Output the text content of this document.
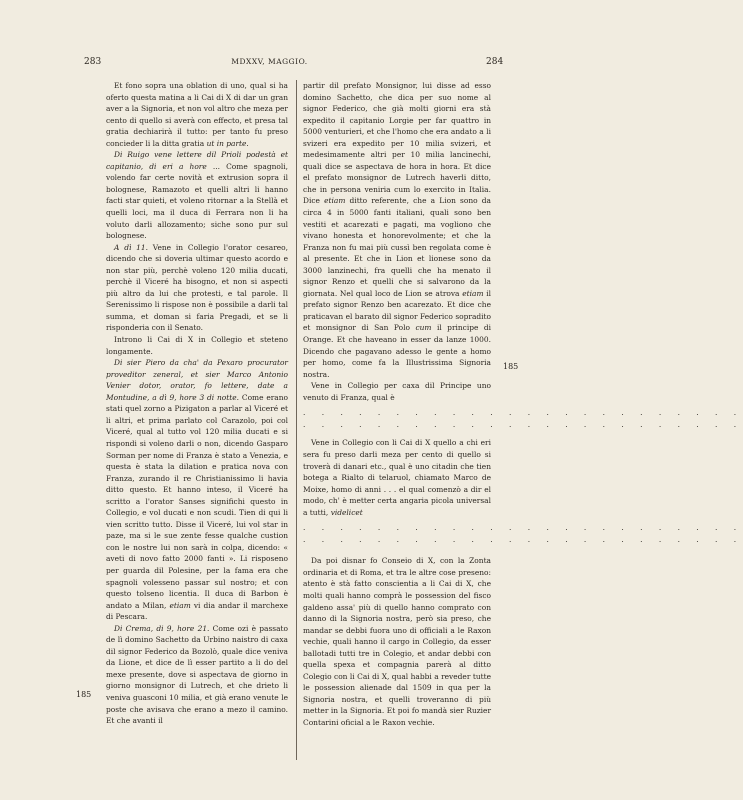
283	MDXXV, MAGGIO.	284
185
185

Et fono sopra una oblation di uno, qual si ha oferto questa matina a li Cai di X di dar un gran aver a la Signoria, et non vol altro che meza per cento di quello si averà con effecto, et presa tal gratia dechiarirà il tutto: per tanto fu preso concieder li la ditta gratia ut in parte.

Di Ruigo vene lettere dil Prioli podestà et capitanio, di eri a hore ... Come spagnoli, volendo far certe novità et extrusion sopra il bolognese, Ramazoto et quelli altri li hanno facti star quieti, et voleno ritornar a la Stellà et quelli loci, ma il duca di Ferrara non li ha voluto darli allozamento; siche sono pur sul bolognese.

A dì 11. Vene in Collegio l'orator cesareo, dicendo che si doveria ultimar questo acordo e non star più, perchè voleno 120 milia ducati, perchè il Viceré ha bisogno, et non si aspecti più altro da lui che protesti, e tal parole. Il Serenissimo li rispose non è possibile a darli tal summa, et doman si faria Pregadi, et se li risponderia con il Senato.

Introno li Cai di X in Collegio et steteno longamente.

Di sier Piero da cha' da Pexaro procurator proveditor zeneral, et sier Marco Antonio Venier dotor, orator, fo lettere, date a Montudine, a dì 9, hore 3 di notte. Come erano stati quel zorno a Pizigaton a parlar al Viceré et li altri, et prima parlato col Carazolo, poi col Viceré, qual al tutto vol 120 milia ducati e si rispondi si voleno darli o non, dicendo Gasparo Sorman per nome di Franza è stato a Venezia, e questa è stata la dilation e pratica nova con Franza, zurando il re Christianissimo li havia ditto questo. Et hanno inteso, il Viceré ha scritto a l'orator Sanses significhi questo in Collegio, e vol ducati e non scudi. Tien di qui li vien scritto tutto. Disse il Viceré, lui vol star in paze, ma si le sue zente fesse qualche custion con le nostre lui non sarà in colpa, dicendo: « aveti di novo fatto 2000 fanti ». Li risposeno per guarda dil Polesine, per la fama era che spagnoli volesseno passar sul nostro; et con questo tolseno licentia. Il duca di Barbon è andato a Milan, etiam vi dia andar il marchexe di Pescara.

Di Crema, di 9, hore 21. Come ozi è passato de lì domino Sachetto da Urbino naistro di caxa dil signor Federico da Bozolò, quale dice veniva da Lione, et dice de lì esser partito a li do del mexe presente, dove si aspectava de giorno in giorno monsignor di Lutrech, et che drieto li veniva guasconi 10 milia, et già erano venute le poste che avisava che erano a mezo il camino. Et che avanti il

partir dil prefato Monsignor, lui disse ad esso domino Sachetto, che dica per suo nome al signor Federico, che già molti giorni era stà expedito il capitanio Lorgie per far quattro in 5000 venturieri, et che l'homo che era andato a li svizeri era expedito per 10 milia svizeri, et medesimamente altri per 10 milia lancinechi, quali dice se aspectava de hora in hora. Et dice el prefato monsignor de Lutrech haverli ditto, che in persona veniria cum lo exercito in Italia. Dice etiam ditto referente, che a Lion sono da circa 4 in 5000 fanti italiani, quali sono ben vestiti et acarezati e pagati, ma vogliono che vivano honesta et honorevolmente; et che la Franza non fu mai più cussì ben regolata come è al presente. Et che in Lion et lionese sono da 3000 lanzinechi, fra quelli che ha menato il signor Renzo et quelli che si salvarono da la giornata. Nel qual loco de Lion se atrova etiam il prefato signor Renzo ben acarezato. Et dice che praticavan el barato dil signor Federico sopradito et monsignor di San Polo cum il principe di Orange. Et che haveano in esser da lanze 1000. Dicendo che pagavano adesso le gente a homo per homo, come fa la Illustrissima Signoria nostra.

Vene in Collegio per caxa dil Principe uno venuto di Franza, qual è

. . . . . . . . . . . . . . . . . . . . . . . .
. . . . . . . . . . . . . . . . . . . . . . . .

Vene in Collegio con li Cai di X quello a chi eri sera fu preso darli meza per cento di quello si troverà di danari etc., qual è uno citadin che tien botega a Rialto di telaruol, chiamato Marco de Moixe, homo di anni . . . el qual comenzò a dir el modo, ch' è metter certa angaria picola universal a tutti, videlicet

. . . . . . . . . . . . . . . . . . . . . . . .
. . . . . . . . . . . . . . . . . . . . . . . .

Da poi disnar fo Conseio di X, con la Zonta ordinaria et di Roma, et tra le altre cose preseno: atento è stà fatto conscientia a li Cai di X, che molti quali hanno comprà le possession del fisco galdeno assa' più di quello hanno comprato con danno di la Signoria nostra, però sia preso, che mandar se debbi fuora uno di officiali a le Raxon vechie, quali hanno il cargo in Collegio, da esser ballotadi tutti tre in Colegio, et andar debbi con quella spexa et compagnia parerà al ditto Colegio con li Cai di X, qual habbi a reveder tutte le possession alienade dal 1509 in qua per la Signoria nostra, et quelli troveranno di più metter in la Signoria. Et poi fo mandà sier Ruzier Contarini oficial a le Raxon vechie.
